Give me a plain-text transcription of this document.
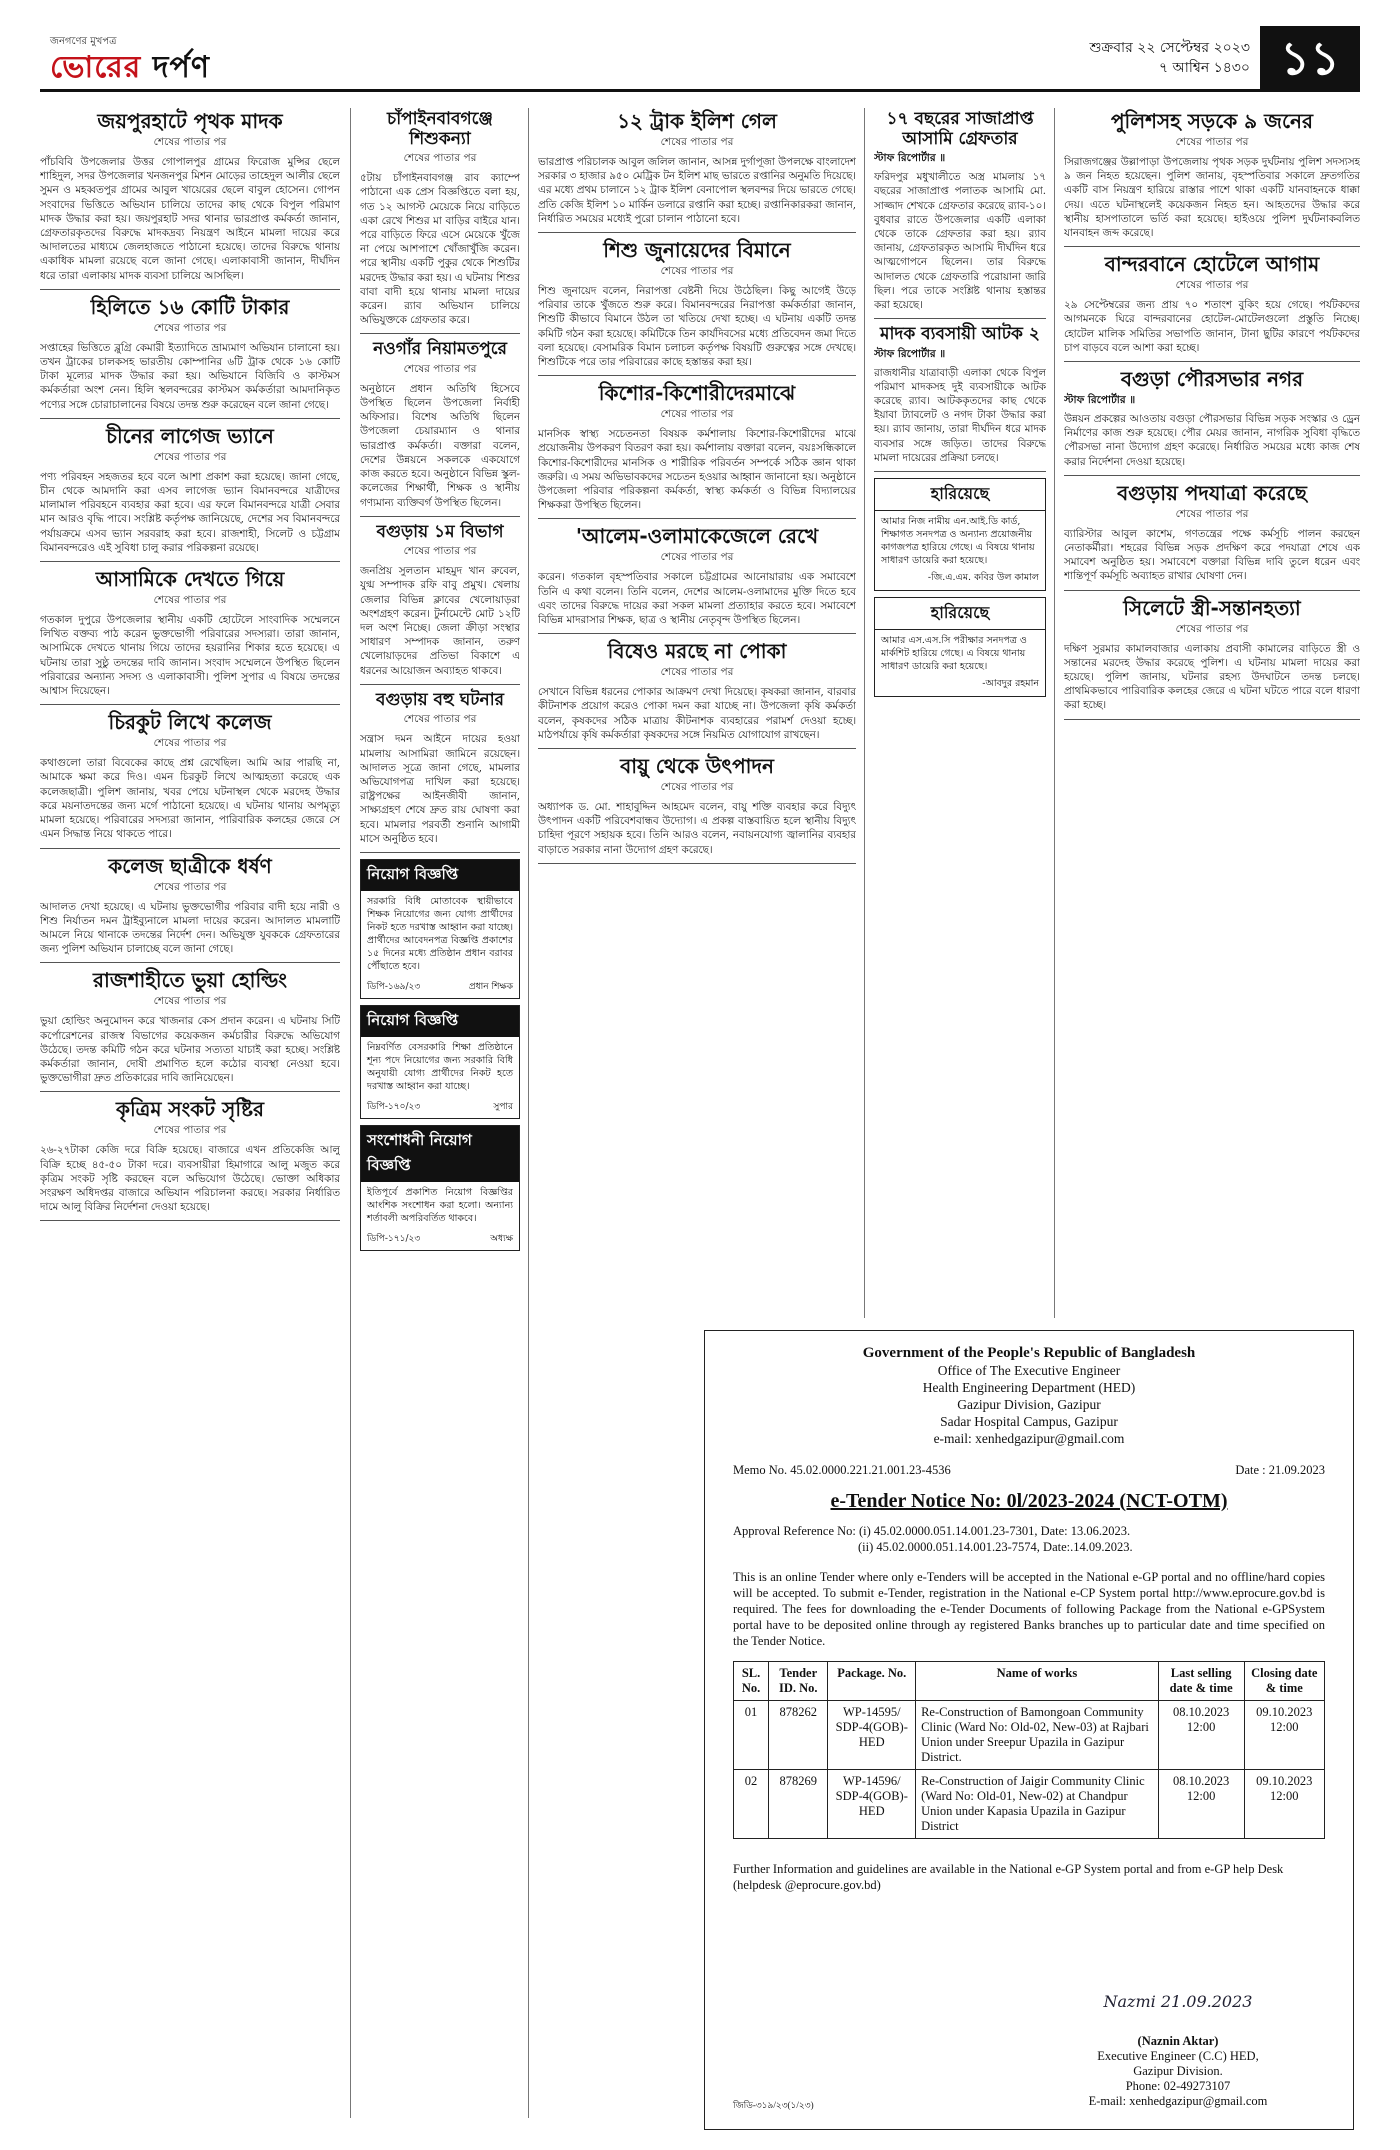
জনগণের মুখপত্র
ভোরের দর্পণ
শুক্রবার ২২ সেপ্টেম্বর ২০২৩
৭ আশ্বিন ১৪৩০ ১১
জয়পুরহাটে পৃথক মাদক
শেষের পাতার পর
পাঁচবিবি উপজেলার উত্তর গোপালপুর গ্রামের ফিরোজ মুন্সির ছেলে শাহিদুল, সদর উপজেলার খনজনপুর মিশন মোড়ের তাহেদুল আলীর ছেলে সুমন ও মহব্বতপুর গ্রামের আবুল খায়েরের ছেলে বাবুল হোসেন। গোপন সংবাদের ভিত্তিতে অভিযান চালিয়ে তাদের কাছ থেকে বিপুল পরিমাণ মাদক উদ্ধার করা হয়। জয়পুরহাট সদর থানার ভারপ্রাপ্ত কর্মকর্তা জানান, গ্রেফতারকৃতদের বিরুদ্ধে মাদকদ্রব্য নিয়ন্ত্রণ আইনে মামলা দায়ের করে আদালতের মাধ্যমে জেলহাজতে পাঠানো হয়েছে। তাদের বিরুদ্ধে থানায় একাধিক মামলা রয়েছে বলে জানা গেছে। এলাকাবাসী জানান, দীর্ঘদিন ধরে তারা এলাকায় মাদক ব্যবসা চালিয়ে আসছিল।
হিলিতে ১৬ কোটি টাকার
শেষের পাতার পর
সপ্তাহের ভিত্তিতে ব্লুগ্রি কেমারী ইত্যাদিতে ভ্রাম্যমাণ অভিযান চালানো হয়। তখন ট্রাকের চালকসহ ভারতীয় কোম্পানির ৬টি ট্রাক থেকে ১৬ কোটি টাকা মূল্যের মাদক উদ্ধার করা হয়। অভিযানে বিজিবি ও কাস্টমস কর্মকর্তারা অংশ নেন। হিলি স্থলবন্দরের কাস্টমস কর্মকর্তারা আমদানিকৃত পণ্যের সঙ্গে চোরাচালানের বিষয়ে তদন্ত শুরু করেছেন বলে জানা গেছে।
চীনের লাগেজ ভ্যানে
শেষের পাতার পর
পণ্য পরিবহন সহজতর হবে বলে আশা প্রকাশ করা হয়েছে। জানা গেছে, চীন থেকে আমদানি করা এসব লাগেজ ভ্যান বিমানবন্দরে যাত্রীদের মালামাল পরিবহনে ব্যবহার করা হবে। এর ফলে বিমানবন্দরে যাত্রী সেবার মান আরও বৃদ্ধি পাবে। সংশ্লিষ্ট কর্তৃপক্ষ জানিয়েছে, দেশের সব বিমানবন্দরে পর্যায়ক্রমে এসব ভ্যান সরবরাহ করা হবে। রাজশাহী, সিলেট ও চট্টগ্রাম বিমানবন্দরেও এই সুবিধা চালু করার পরিকল্পনা রয়েছে।
আসামিকে দেখতে গিয়ে
শেষের পাতার পর
গতকাল দুপুরে উপজেলার স্থানীয় একটি হোটেলে সাংবাদিক সম্মেলনে লিখিত বক্তব্য পাঠ করেন ভুক্তভোগী পরিবারের সদস্যরা। তারা জানান, আসামিকে দেখতে থানায় গিয়ে তাদের হয়রানির শিকার হতে হয়েছে। এ ঘটনায় তারা সুষ্ঠু তদন্তের দাবি জানান। সংবাদ সম্মেলনে উপস্থিত ছিলেন পরিবারের অন্যান্য সদস্য ও এলাকাবাসী। পুলিশ সুপার এ বিষয়ে তদন্তের আশ্বাস দিয়েছেন।
চিরকুট লিখে কলেজ
শেষের পাতার পর
কথাগুলো তারা বিবেকের কাছে প্রশ্ন রেখেছিল। আমি আর পারছি না, আমাকে ক্ষমা করে দিও। এমন চিরকুট লিখে আত্মহত্যা করেছে এক কলেজছাত্রী। পুলিশ জানায়, খবর পেয়ে ঘটনাস্থল থেকে মরদেহ উদ্ধার করে ময়নাতদন্তের জন্য মর্গে পাঠানো হয়েছে। এ ঘটনায় থানায় অপমৃত্যু মামলা হয়েছে। পরিবারের সদস্যরা জানান, পারিবারিক কলহের জেরে সে এমন সিদ্ধান্ত নিয়ে থাকতে পারে।
কলেজ ছাত্রীকে ধর্ষণ
শেষের পাতার পর
আদালত দেখা হয়েছে। এ ঘটনায় ভুক্তভোগীর পরিবার বাদী হয়ে নারী ও শিশু নির্যাতন দমন ট্রাইব্যুনালে মামলা দায়ের করেন। আদালত মামলাটি আমলে নিয়ে থানাকে তদন্তের নির্দেশ দেন। অভিযুক্ত যুবককে গ্রেফতারের জন্য পুলিশ অভিযান চালাচ্ছে বলে জানা গেছে।
রাজশাহীতে ভুয়া হোল্ডিং
শেষের পাতার পর
ভুয়া হোল্ডিং অনুমোদন করে খাজনার কেস প্রদান করেন। এ ঘটনায় সিটি কর্পোরেশনের রাজস্ব বিভাগের কয়েকজন কর্মচারীর বিরুদ্ধে অভিযোগ উঠেছে। তদন্ত কমিটি গঠন করে ঘটনার সত্যতা যাচাই করা হচ্ছে। সংশ্লিষ্ট কর্মকর্তারা জানান, দোষী প্রমাণিত হলে কঠোর ব্যবস্থা নেওয়া হবে। ভুক্তভোগীরা দ্রুত প্রতিকারের দাবি জানিয়েছেন।
কৃত্রিম সংকট সৃষ্টির
শেষের পাতার পর
২৬-২৭টাকা কেজি দরে বিক্রি হয়েছে। বাজারে এখন প্রতিকেজি আলু বিক্রি হচ্ছে ৪৫-৫০ টাকা দরে। ব্যবসায়ীরা হিমাগারে আলু মজুত করে কৃত্রিম সংকট সৃষ্টি করছেন বলে অভিযোগ উঠেছে। ভোক্তা অধিকার সংরক্ষণ অধিদপ্তর বাজারে অভিযান পরিচালনা করছে। সরকার নির্ধারিত দামে আলু বিক্রির নির্দেশনা দেওয়া হয়েছে।
চাঁপাইনবাবগঞ্জে শিশুকন্যা
শেষের পাতার পর
৫টায় চাঁপাইনবাবগঞ্জ রাব ক্যাম্পে পাঠানো এক প্রেস বিজ্ঞপ্তিতে বলা হয়, গত ১২ আগস্ট মেয়েকে নিয়ে বাড়িতে একা রেখে শিশুর মা বাড়ির বাইরে যান। পরে বাড়িতে ফিরে এসে মেয়েকে খুঁজে না পেয়ে আশপাশে খোঁজাখুঁজি করেন। পরে স্থানীয় একটি পুকুর থেকে শিশুটির মরদেহ উদ্ধার করা হয়। এ ঘটনায় শিশুর বাবা বাদী হয়ে থানায় মামলা দায়ের করেন। র‌্যাব অভিযান চালিয়ে অভিযুক্তকে গ্রেফতার করে।
নওগাঁর নিয়ামতপুরে
শেষের পাতার পর
অনুষ্ঠানে প্রধান অতিথি হিসেবে উপস্থিত ছিলেন উপজেলা নির্বাহী অফিসার। বিশেষ অতিথি ছিলেন উপজেলা চেয়ারম্যান ও থানার ভারপ্রাপ্ত কর্মকর্তা। বক্তারা বলেন, দেশের উন্নয়নে সকলকে একযোগে কাজ করতে হবে। অনুষ্ঠানে বিভিন্ন স্কুল-কলেজের শিক্ষার্থী, শিক্ষক ও স্থানীয় গণ্যমান্য ব্যক্তিবর্গ উপস্থিত ছিলেন।
বগুড়ায় ১ম বিভাগ
শেষের পাতার পর
জনপ্রিয় সুলতান মাহমুদ খান রুবেল, যুগ্ম সম্পাদক রফি বাবু প্রমুখ। খেলায় জেলার বিভিন্ন ক্লাবের খেলোয়াড়রা অংশগ্রহণ করেন। টুর্নামেন্টে মোট ১২টি দল অংশ নিচ্ছে। জেলা ক্রীড়া সংস্থার সাধারণ সম্পাদক জানান, তরুণ খেলোয়াড়দের প্রতিভা বিকাশে এ ধরনের আয়োজন অব্যাহত থাকবে।
বগুড়ায় বহু ঘটনার
শেষের পাতার পর
সন্ত্রাস দমন আইনে দায়ের হওয়া মামলায় আসামিরা জামিনে রয়েছেন। আদালত সূত্রে জানা গেছে, মামলার অভিযোগপত্র দাখিল করা হয়েছে। রাষ্ট্রপক্ষের আইনজীবী জানান, সাক্ষ্যগ্রহণ শেষে দ্রুত রায় ঘোষণা করা হবে। মামলার পরবর্তী শুনানি আগামী মাসে অনুষ্ঠিত হবে।
নিয়োগ বিজ্ঞপ্তি
সরকারি বিধি মোতাবেক স্থায়ীভাবে শিক্ষক নিয়োগের জন্য যোগ্য প্রার্থীদের নিকট হতে দরখাস্ত আহ্বান করা যাচ্ছে। প্রার্থীদের আবেদনপত্র বিজ্ঞপ্তি প্রকাশের ১৫ দিনের মধ্যে প্রতিষ্ঠান প্রধান বরাবর পৌঁছাতে হবে।
ডিপি-১৬৯/২৩	প্রধান শিক্ষক
নিয়োগ বিজ্ঞপ্তি
নিম্নবর্ণিত বেসরকারি শিক্ষা প্রতিষ্ঠানে শূন্য পদে নিয়োগের জন্য সরকারি বিধি অনুযায়ী যোগ্য প্রার্থীদের নিকট হতে দরখাস্ত আহ্বান করা যাচ্ছে।
ডিপি-১৭০/২৩	সুপার
সংশোধনী নিয়োগ বিজ্ঞপ্তি
ইতিপূর্বে প্রকাশিত নিয়োগ বিজ্ঞপ্তির আংশিক সংশোধন করা হলো। অন্যান্য শর্তাবলী অপরিবর্তিত থাকবে।
ডিপি-১৭১/২৩	অধ্যক্ষ
১২ ট্রাক ইলিশ গেল
শেষের পাতার পর
ভারপ্রাপ্ত পরিচালক আবুল জলিল জানান, আসন্ন দুর্গাপূজা উপলক্ষে বাংলাদেশ সরকার ৩ হাজার ৯৫০ মেট্রিক টন ইলিশ মাছ ভারতে রপ্তানির অনুমতি দিয়েছে। এর মধ্যে প্রথম চালানে ১২ ট্রাক ইলিশ বেনাপোল স্থলবন্দর দিয়ে ভারতে গেছে। প্রতি কেজি ইলিশ ১০ মার্কিন ডলারে রপ্তানি করা হচ্ছে। রপ্তানিকারকরা জানান, নির্ধারিত সময়ের মধ্যেই পুরো চালান পাঠানো হবে।
শিশু জুনায়েদের বিমানে
শেষের পাতার পর
শিশু জুনায়েদ বলেন, নিরাপত্তা বেষ্টনী দিয়ে উঠেছিল। কিছু আগেই উড়ে পরিবার তাকে খুঁজতে শুরু করে। বিমানবন্দরের নিরাপত্তা কর্মকর্তারা জানান, শিশুটি কীভাবে বিমানে উঠল তা খতিয়ে দেখা হচ্ছে। এ ঘটনায় একটি তদন্ত কমিটি গঠন করা হয়েছে। কমিটিকে তিন কার্যদিবসের মধ্যে প্রতিবেদন জমা দিতে বলা হয়েছে। বেসামরিক বিমান চলাচল কর্তৃপক্ষ বিষয়টি গুরুত্বের সঙ্গে দেখছে। শিশুটিকে পরে তার পরিবারের কাছে হস্তান্তর করা হয়।
কিশোর-কিশোরীদেরমাঝে
শেষের পাতার পর
মানসিক স্বাস্থ্য সচেতনতা বিষয়ক কর্মশালায় কিশোর-কিশোরীদের মাঝে প্রয়োজনীয় উপকরণ বিতরণ করা হয়। কর্মশালায় বক্তারা বলেন, বয়ঃসন্ধিকালে কিশোর-কিশোরীদের মানসিক ও শারীরিক পরিবর্তন সম্পর্কে সঠিক জ্ঞান থাকা জরুরি। এ সময় অভিভাবকদের সচেতন হওয়ার আহ্বান জানানো হয়। অনুষ্ঠানে উপজেলা পরিবার পরিকল্পনা কর্মকর্তা, স্বাস্থ্য কর্মকর্তা ও বিভিন্ন বিদ্যালয়ের শিক্ষকরা উপস্থিত ছিলেন।
'আলেম-ওলামাকেজেলে রেখে
শেষের পাতার পর
করেন। গতকাল বৃহস্পতিবার সকালে চট্টগ্রামের আনোয়ারায় এক সমাবেশে তিনি এ কথা বলেন। তিনি বলেন, দেশের আলেম-ওলামাদের মুক্তি দিতে হবে এবং তাদের বিরুদ্ধে দায়ের করা সকল মামলা প্রত্যাহার করতে হবে। সমাবেশে বিভিন্ন মাদরাসার শিক্ষক, ছাত্র ও স্থানীয় নেতৃবৃন্দ উপস্থিত ছিলেন।
বিষেও মরছে না পোকা
শেষের পাতার পর
সেখানে বিভিন্ন ধরনের পোকার আক্রমণ দেখা দিয়েছে। কৃষকরা জানান, বারবার কীটনাশক প্রয়োগ করেও পোকা দমন করা যাচ্ছে না। উপজেলা কৃষি কর্মকর্তা বলেন, কৃষকদের সঠিক মাত্রায় কীটনাশক ব্যবহারের পরামর্শ দেওয়া হচ্ছে। মাঠপর্যায়ে কৃষি কর্মকর্তারা কৃষকদের সঙ্গে নিয়মিত যোগাযোগ রাখছেন।
বায়ু থেকে উৎপাদন
শেষের পাতার পর
অধ্যাপক ড. মো. শাহাবুদ্দিন আহমেদ বলেন, বায়ু শক্তি ব্যবহার করে বিদ্যুৎ উৎপাদন একটি পরিবেশবান্ধব উদ্যোগ। এ প্রকল্প বাস্তবায়িত হলে স্থানীয় বিদ্যুৎ চাহিদা পূরণে সহায়ক হবে। তিনি আরও বলেন, নবায়নযোগ্য জ্বালানির ব্যবহার বাড়াতে সরকার নানা উদ্যোগ গ্রহণ করেছে।
১৭ বছরের সাজাপ্রাপ্ত আসামি গ্রেফতার
স্টাফ রিপোর্টার ॥
ফরিদপুর মধুখালীতে অস্ত্র মামলায় ১৭ বছরের সাজাপ্রাপ্ত পলাতক আসামি মো. সাজ্জাদ শেখকে গ্রেফতার করেছে র‌্যাব-১০। বুধবার রাতে উপজেলার একটি এলাকা থেকে তাকে গ্রেফতার করা হয়। র‌্যাব জানায়, গ্রেফতারকৃত আসামি দীর্ঘদিন ধরে আত্মগোপনে ছিলেন। তার বিরুদ্ধে আদালত থেকে গ্রেফতারি পরোয়ানা জারি ছিল। পরে তাকে সংশ্লিষ্ট থানায় হস্তান্তর করা হয়েছে।
মাদক ব্যবসায়ী আটক ২
স্টাফ রিপোর্টার ॥
রাজধানীর যাত্রাবাড়ী এলাকা থেকে বিপুল পরিমাণ মাদকসহ দুই ব্যবসায়ীকে আটক করেছে র‌্যাব। আটককৃতদের কাছ থেকে ইয়াবা ট্যাবলেট ও নগদ টাকা উদ্ধার করা হয়। র‌্যাব জানায়, তারা দীর্ঘদিন ধরে মাদক ব্যবসার সঙ্গে জড়িত। তাদের বিরুদ্ধে মামলা দায়েরের প্রক্রিয়া চলছে।
হারিয়েছে
আমার নিজ নামীয় এন.আই.ডি কার্ড, শিক্ষাগত সনদপত্র ও অন্যান্য প্রয়োজনীয় কাগজপত্র হারিয়ে গেছে। এ বিষয়ে থানায় সাধারণ ডায়েরি করা হয়েছে।
-জি.এ.এম. কবির উল কামাল
হারিয়েছে
আমার এস.এস.সি পরীক্ষার সনদপত্র ও মার্কশিট হারিয়ে গেছে। এ বিষয়ে থানায় সাধারণ ডায়েরি করা হয়েছে।
-আবদুর রহমান
পুলিশসহ সড়কে ৯ জনের
শেষের পাতার পর
সিরাজগঞ্জের উল্লাপাড়া উপজেলায় পৃথক সড়ক দুর্ঘটনায় পুলিশ সদস্যসহ ৯ জন নিহত হয়েছেন। পুলিশ জানায়, বৃহস্পতিবার সকালে দ্রুতগতির একটি বাস নিয়ন্ত্রণ হারিয়ে রাস্তার পাশে থাকা একটি যানবাহনকে ধাক্কা দেয়। এতে ঘটনাস্থলেই কয়েকজন নিহত হন। আহতদের উদ্ধার করে স্থানীয় হাসপাতালে ভর্তি করা হয়েছে। হাইওয়ে পুলিশ দুর্ঘটনাকবলিত যানবাহন জব্দ করেছে।
বান্দরবানে হোটেলে আগাম
শেষের পাতার পর
২৯ সেপ্টেম্বরের জন্য প্রায় ৭০ শতাংশ বুকিং হয়ে গেছে। পর্যটকদের আগমনকে ঘিরে বান্দরবানের হোটেল-মোটেলগুলো প্রস্তুতি নিচ্ছে। হোটেল মালিক সমিতির সভাপতি জানান, টানা ছুটির কারণে পর্যটকদের চাপ বাড়বে বলে আশা করা হচ্ছে।
বগুড়া পৌরসভার নগর
স্টাফ রিপোর্টার ॥
উন্নয়ন প্রকল্পের আওতায় বগুড়া পৌরসভার বিভিন্ন সড়ক সংস্কার ও ড্রেন নির্মাণের কাজ শুরু হয়েছে। পৌর মেয়র জানান, নাগরিক সুবিধা বৃদ্ধিতে পৌরসভা নানা উদ্যোগ গ্রহণ করেছে। নির্ধারিত সময়ের মধ্যে কাজ শেষ করার নির্দেশনা দেওয়া হয়েছে।
বগুড়ায় পদযাত্রা করেছে
শেষের পাতার পর
ব্যারিস্টার আবুল কাশেম, গণতন্ত্রের পক্ষে কর্মসূচি পালন করছেন নেতাকর্মীরা। শহরের বিভিন্ন সড়ক প্রদক্ষিণ করে পদযাত্রা শেষে এক সমাবেশ অনুষ্ঠিত হয়। সমাবেশে বক্তারা বিভিন্ন দাবি তুলে ধরেন এবং শান্তিপূর্ণ কর্মসূচি অব্যাহত রাখার ঘোষণা দেন।
সিলেটে স্ত্রী-সন্তানহত্যা
শেষের পাতার পর
দক্ষিণ সুরমার কামালবাজার এলাকায় প্রবাসী কামালের বাড়িতে স্ত্রী ও সন্তানের মরদেহ উদ্ধার করেছে পুলিশ। এ ঘটনায় মামলা দায়ের করা হয়েছে। পুলিশ জানায়, ঘটনার রহস্য উদঘাটনে তদন্ত চলছে। প্রাথমিকভাবে পারিবারিক কলহের জেরে এ ঘটনা ঘটতে পারে বলে ধারণা করা হচ্ছে।
Government of the People's Republic of Bangladesh
Office of The Executive Engineer
Health Engineering Department (HED)
Gazipur Division, Gazipur
Sadar Hospital Campus, Gazipur
e-mail: xenhedgazipur@gmail.com
Memo No. 45.02.0000.221.21.001.23-4536	Date : 21.09.2023
e-Tender Notice No: 0l/2023-2024 (NCT-OTM)
Approval Reference No: (i) 45.02.0000.051.14.001.23-7301, Date: 13.06.2023.
(ii) 45.02.0000.051.14.001.23-7574, Date:.14.09.2023.
This is an online Tender where only e-Tenders will be accepted in the National e-GP portal and no offline/hard copies will be accepted. To submit e-Tender, registration in the National e-CP System portal http://www.eprocure.gov.bd is required. The fees for downloading the e-Tender Documents of following Package from the National e-GPSystem portal have to be deposited online through ay registered Banks branches up to particular date and time specified on the Tender Notice.
SL. No.	Tender ID. No.	Package. No.	Name of works	Last selling date & time	Closing date & time
01	878262	WP-14595/ SDP-4(GOB)-HED	Re-Construction of Bamongoan Community Clinic (Ward No: Old-02, New-03) at Rajbari Union under Sreepur Upazila in Gazipur District.	08.10.2023 12:00	09.10.2023 12:00
02	878269	WP-14596/ SDP-4(GOB)-HED	Re-Construction of Jaigir Community Clinic (Ward No: Old-01, New-02) at Chandpur Union under Kapasia Upazila in Gazipur District	08.10.2023 12:00	09.10.2023 12:00
Further Information and guidelines are available in the National e-GP System portal and from e-GP help Desk (helpdesk @eprocure.gov.bd)
Nazmi 21.09.2023
(Naznin Aktar)
Executive Engineer (C.C) HED,
Gazipur Division.
Phone: 02-49273107
E-mail: xenhedgazipur@gmail.com
জিডি-৩১৯/২৩(১/২৩)
